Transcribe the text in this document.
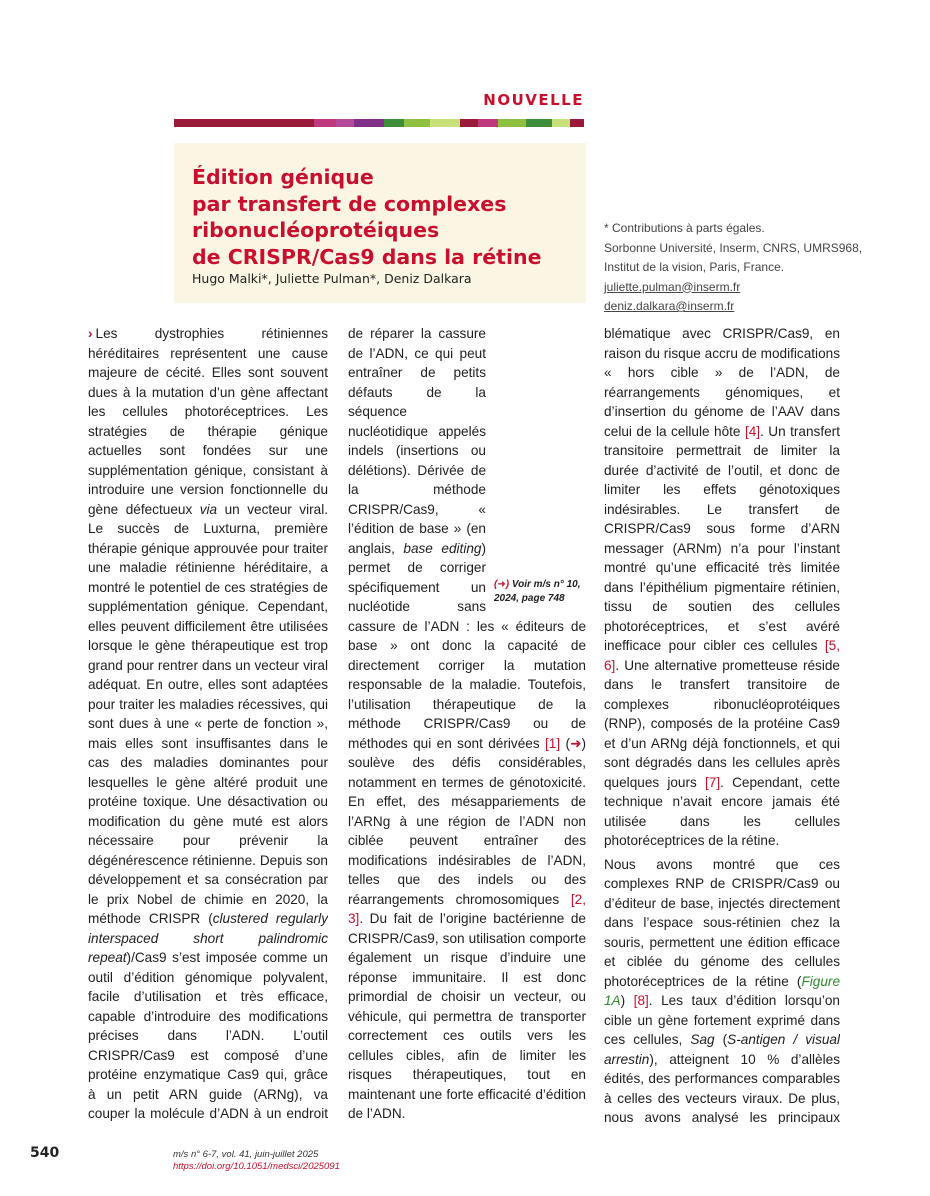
NOUVELLE
Édition génique
par transfert de complexes
ribonucléoprotéiques
de CRISPR/Cas9 dans la rétine
Hugo Malki*, Juliette Pulman*, Deniz Dalkara
* Contributions à parts égales.
Sorbonne Université, Inserm, CNRS, UMRS968,
Institut de la vision, Paris, France.
juliette.pulman@inserm.fr
deniz.dalkara@inserm.fr

› Les dystrophies rétiniennes héréditaires représentent une cause majeure de cécité. Elles sont souvent dues à la mutation d’un gène affectant les cellules photoréceptrices. Les stratégies de thérapie génique actuelles sont fondées sur une supplémentation génique, consistant à introduire une version fonctionnelle du gène défectueux via un vecteur viral. Le succès de Luxturna, première thérapie génique approuvée pour traiter une maladie rétinienne héréditaire, a montré le potentiel de ces stratégies de supplémentation génique. Cependant, elles peuvent difficilement être utilisées lorsque le gène thérapeutique est trop grand pour rentrer dans un vecteur viral adéquat. En outre, elles sont adaptées pour traiter les maladies récessives, qui sont dues à une « perte de fonction », mais elles sont insuffisantes dans le cas des maladies dominantes pour lesquelles le gène altéré produit une protéine toxique. Une désactivation ou modification du gène muté est alors nécessaire pour prévenir la dégénérescence rétinienne. Depuis son développement et sa consécration par le prix Nobel de chimie en 2020, la méthode CRISPR (clustered regularly interspaced short palindromic repeat)/Cas9 s’est imposée comme un outil d’édition génomique polyvalent, facile d’utilisation et très efficace, capable d’introduire des modifications précises dans l’ADN. L’outil CRISPR/Cas9 est composé d’une protéine enzymatique Cas9 qui, grâce à un petit ARN guide (ARNg), va couper la molécule d’ADN à un endroit

(➜) Voir m/s n° 10, 2024, page 748

de réparer la cassure de l’ADN, ce qui peut entraîner de petits défauts de la séquence nucléotidique appelés indels (insertions ou délétions). Dérivée de la méthode CRISPR/Cas9, « l’édition de base » (en anglais, base editing) permet de corriger spécifiquement un nucléotide sans cassure de l’ADN : les « éditeurs de base » ont donc la capacité de directement corriger la mutation responsable de la maladie. Toutefois, l’utilisation thérapeutique de la méthode CRISPR/Cas9 ou de méthodes qui en sont dérivées [1] (➜) soulève des défis considérables, notamment en termes de génotoxicité. En effet, des mésappariements de l’ARNg à une région de l’ADN non ciblée peuvent entraîner des modifications indésirables de l’ADN, telles que des indels ou des réarrangements chromosomiques [2, 3]. Du fait de l’origine bactérienne de CRISPR/Cas9, son utilisation comporte également un risque d’induire une réponse immunitaire. Il est donc primordial de choisir un vecteur, ou véhicule, qui permettra de transporter correctement ces outils vers les cellules cibles, afin de limiter les risques thérapeutiques, tout en maintenant une forte efficacité d’édition de l’ADN.

blématique avec CRISPR/Cas9, en raison du risque accru de modifications « hors cible » de l’ADN, de réarrangements génomiques, et d’insertion du génome de l’AAV dans celui de la cellule hôte [4]. Un transfert transitoire permettrait de limiter la durée d’activité de l’outil, et donc de limiter les effets génotoxiques indésirables. Le transfert de CRISPR/Cas9 sous forme d’ARN messager (ARNm) n’a pour l’instant montré qu’une efficacité très limitée dans l’épithélium pigmentaire rétinien, tissu de soutien des cellules photoréceptrices, et s’est avéré inefficace pour cibler ces cellules [5, 6]. Une alternative prometteuse réside dans le transfert transitoire de complexes ribonucléoprotéiques (RNP), composés de la protéine Cas9 et d’un ARNg déjà fonctionnels, et qui sont dégradés dans les cellules après quelques jours [7]. Cependant, cette technique n’avait encore jamais été utilisée dans les cellules photoréceptrices de la rétine.

Nous avons montré que ces complexes RNP de CRISPR/Cas9 ou d’éditeur de base, injectés directement dans l’espace sous-rétinien chez la souris, permettent une édition efficace et ciblée du génome des cellules photoréceptrices de la rétine (Figure 1A) [8]. Les taux d’édition lorsqu’on cible un gène fortement exprimé dans ces cellules, Sag (S-antigen / visual arrestin), atteignent 10 % d’allèles édités, des performances comparables à celles des vecteurs viraux. De plus, nous avons analysé les principaux

540	m/s n° 6-7, vol. 41, juin-juillet 2025
https://doi.org/10.1051/medsci/2025091
